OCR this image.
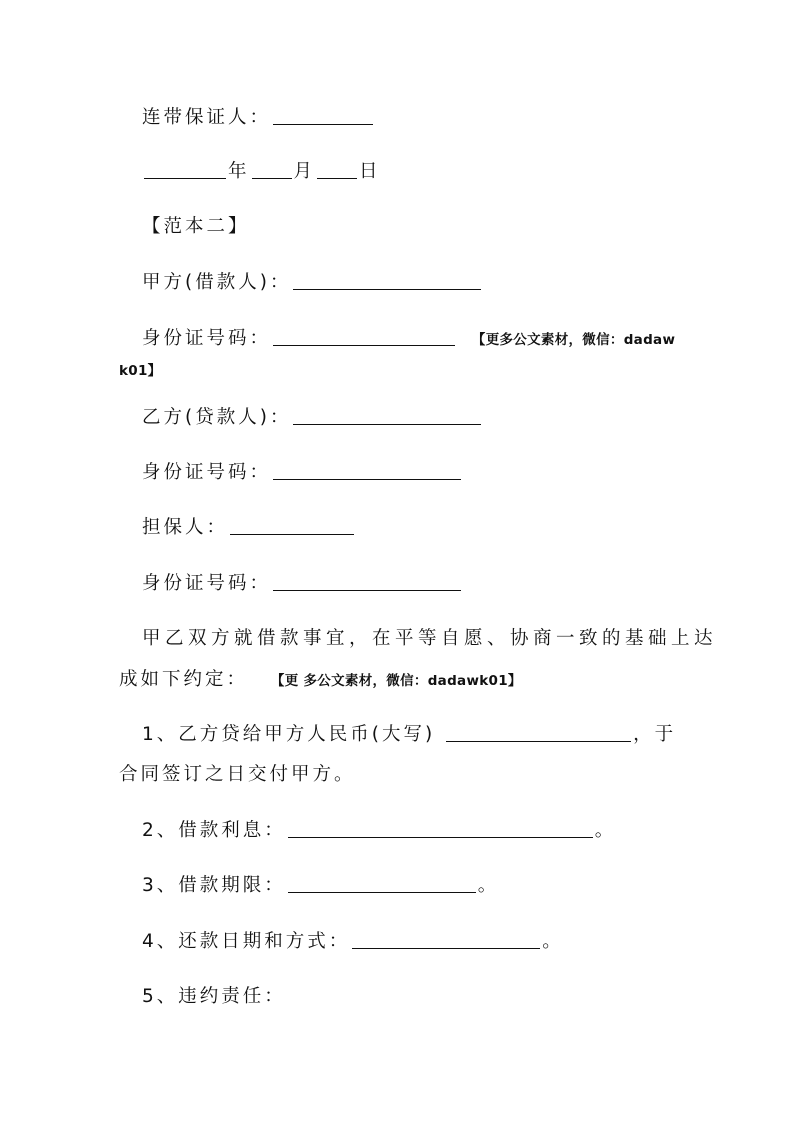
连带保证人：
年 月 日
【范本二】
甲方(借款人)：
身份证号码：	【更多公文素材，微信：dadaw
k01】
乙方(贷款人)：
身份证号码：
担保人：
身份证号码：
甲乙双方就借款事宜，在平等自愿、协商一致的基础上达
成如下约定： 【更 多公文素材，微信：dadawk01】
1、乙方贷给甲方人民币(大写)	，于
合同签订之日交付甲方。
2、借款利息：	。
3、借款期限：	。
4、还款日期和方式：	。
5、违约责任：
